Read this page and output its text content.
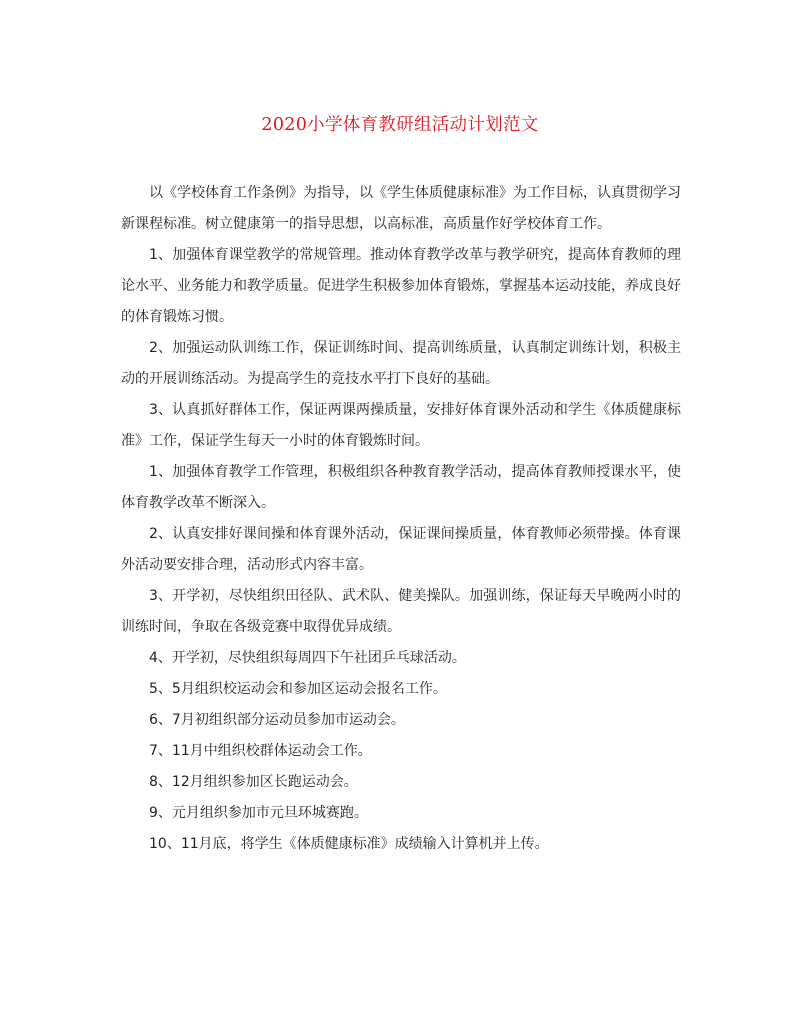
2020小学体育教研组活动计划范文

以《学校体育工作条例》为指导，以《学生体质健康标准》为工作目标，认真贯彻学习新课程标准。树立健康第一的指导思想，以高标准，高质量作好学校体育工作。

1、加强体育课堂教学的常规管理。推动体育教学改革与教学研究，提高体育教师的理论水平、业务能力和教学质量。促进学生积极参加体育锻炼，掌握基本运动技能，养成良好的体育锻炼习惯。

2、加强运动队训练工作，保证训练时间、提高训练质量，认真制定训练计划，积极主动的开展训练活动。为提高学生的竞技水平打下良好的基础。

3、认真抓好群体工作，保证两课两操质量，安排好体育课外活动和学生《体质健康标准》工作，保证学生每天一小时的体育锻炼时间。

1、加强体育教学工作管理，积极组织各种教育教学活动，提高体育教师授课水平，使体育教学改革不断深入。

2、认真安排好课间操和体育课外活动，保证课间操质量，体育教师必须带操。体育课外活动要安排合理，活动形式内容丰富。

3、开学初，尽快组织田径队、武术队、健美操队。加强训练，保证每天早晚两小时的训练时间，争取在各级竞赛中取得优异成绩。

4、开学初，尽快组织每周四下午社团乒乓球活动。

5、5月组织校运动会和参加区运动会报名工作。

6、7月初组织部分运动员参加市运动会。

7、11月中组织校群体运动会工作。

8、12月组织参加区长跑运动会。

9、元月组织参加市元旦环城赛跑。

10、11月底，将学生《体质健康标准》成绩输入计算机并上传。
